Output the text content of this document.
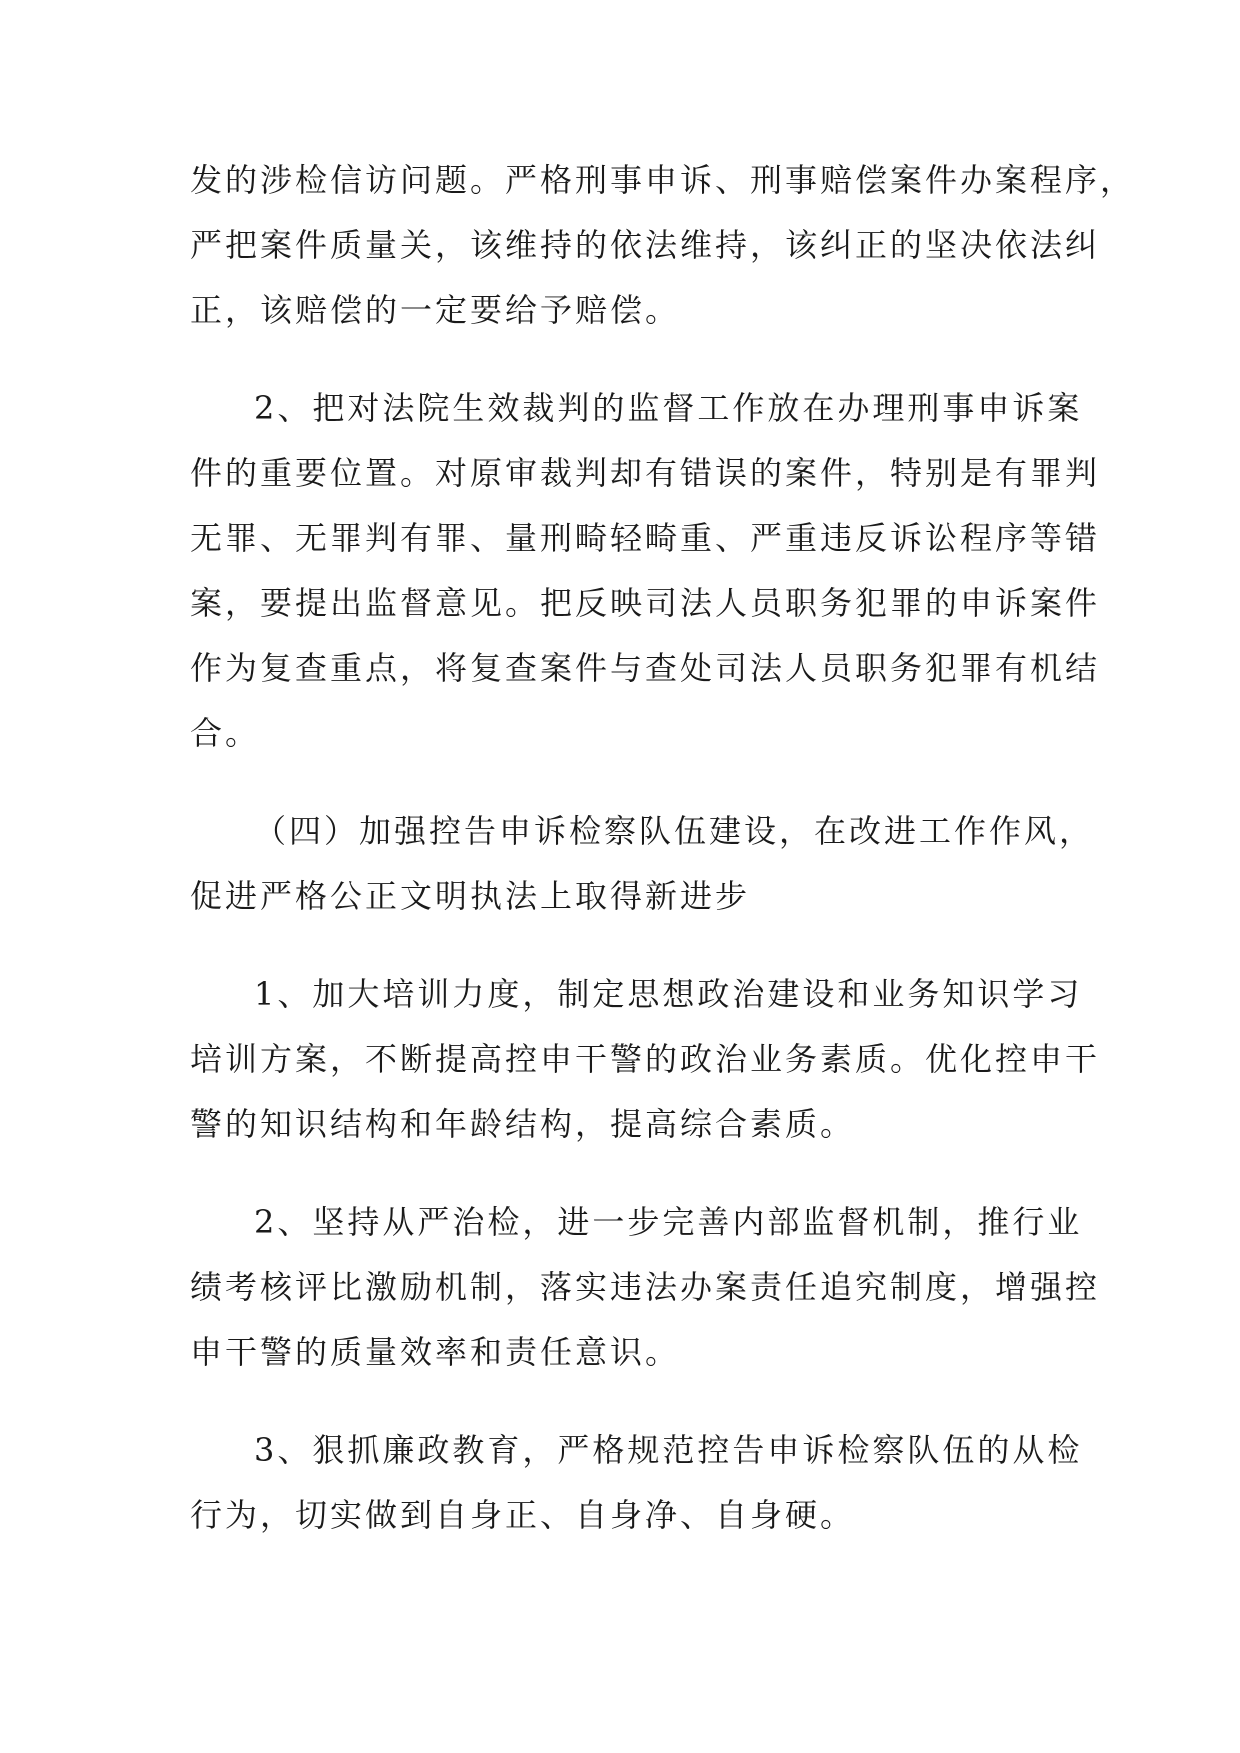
发的涉检信访问题。严格刑事申诉、刑事赔偿案件办案程序，
严把案件质量关，该维持的依法维持，该纠正的坚决依法纠
正，该赔偿的一定要给予赔偿。

2、把对法院生效裁判的监督工作放在办理刑事申诉案
件的重要位置。对原审裁判却有错误的案件，特别是有罪判
无罪、无罪判有罪、量刑畸轻畸重、严重违反诉讼程序等错
案，要提出监督意见。把反映司法人员职务犯罪的申诉案件
作为复查重点，将复查案件与查处司法人员职务犯罪有机结
合。

（四）加强控告申诉检察队伍建设，在改进工作作风，
促进严格公正文明执法上取得新进步

1、加大培训力度，制定思想政治建设和业务知识学习
培训方案，不断提高控申干警的政治业务素质。优化控申干
警的知识结构和年龄结构，提高综合素质。

2、坚持从严治检，进一步完善内部监督机制，推行业
绩考核评比激励机制，落实违法办案责任追究制度，增强控
申干警的质量效率和责任意识。

3、狠抓廉政教育，严格规范控告申诉检察队伍的从检
行为，切实做到自身正、自身净、自身硬。
